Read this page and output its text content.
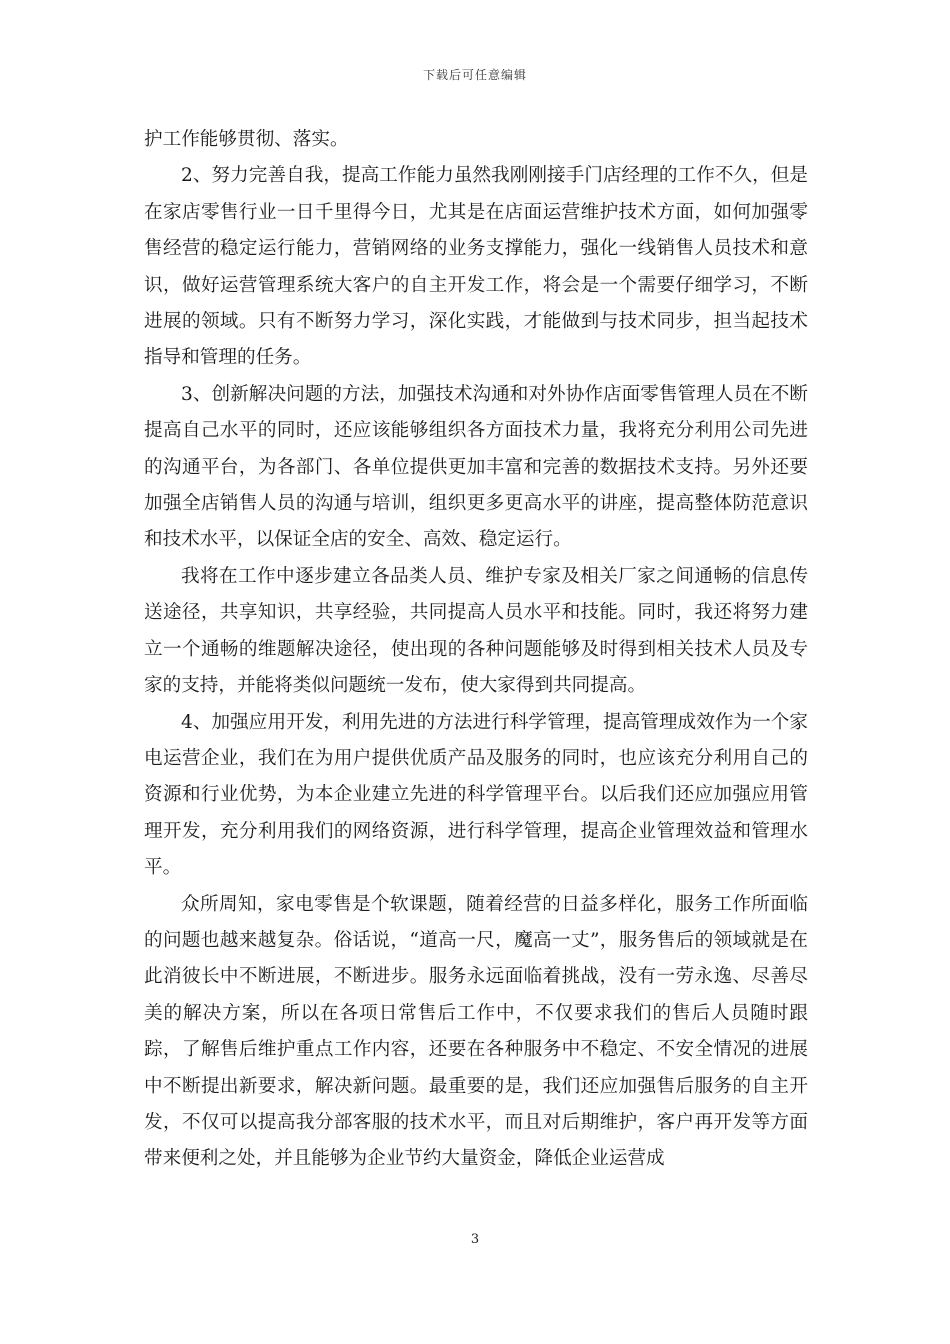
下载后可任意编辑

护工作能够贯彻、落实。

2、努力完善自我，提高工作能力虽然我刚刚接手门店经理的工作不久，但是在家店零售行业一日千里得今日，尤其是在店面运营维护技术方面，如何加强零售经营的稳定运行能力，营销网络的业务支撑能力，强化一线销售人员技术和意识，做好运营管理系统大客户的自主开发工作，将会是一个需要仔细学习，不断进展的领域。只有不断努力学习，深化实践，才能做到与技术同步，担当起技术指导和管理的任务。

3、创新解决问题的方法，加强技术沟通和对外协作店面零售管理人员在不断提高自己水平的同时，还应该能够组织各方面技术力量，我将充分利用公司先进的沟通平台，为各部门、各单位提供更加丰富和完善的数据技术支持。另外还要加强全店销售人员的沟通与培训，组织更多更高水平的讲座，提高整体防范意识和技术水平，以保证全店的安全、高效、稳定运行。

我将在工作中逐步建立各品类人员、维护专家及相关厂家之间通畅的信息传送途径，共享知识，共享经验，共同提高人员水平和技能。同时，我还将努力建立一个通畅的维题解决途径，使出现的各种问题能够及时得到相关技术人员及专家的支持，并能将类似问题统一发布，使大家得到共同提高。

4、加强应用开发，利用先进的方法进行科学管理，提高管理成效作为一个家电运营企业，我们在为用户提供优质产品及服务的同时，也应该充分利用自己的资源和行业优势，为本企业建立先进的科学管理平台。以后我们还应加强应用管理开发，充分利用我们的网络资源，进行科学管理，提高企业管理效益和管理水平。

众所周知，家电零售是个软课题，随着经营的日益多样化，服务工作所面临的问题也越来越复杂。俗话说，“道高一尺，魔高一丈”，服务售后的领域就是在此消彼长中不断进展，不断进步。服务永远面临着挑战，没有一劳永逸、尽善尽美的解决方案，所以在各项日常售后工作中，不仅要求我们的售后人员随时跟踪，了解售后维护重点工作内容，还要在各种服务中不稳定、不安全情况的进展中不断提出新要求，解决新问题。最重要的是，我们还应加强售后服务的自主开发，不仅可以提高我分部客服的技术水平，而且对后期维护，客户再开发等方面带来便利之处，并且能够为企业节约大量资金，降低企业运营成

3
